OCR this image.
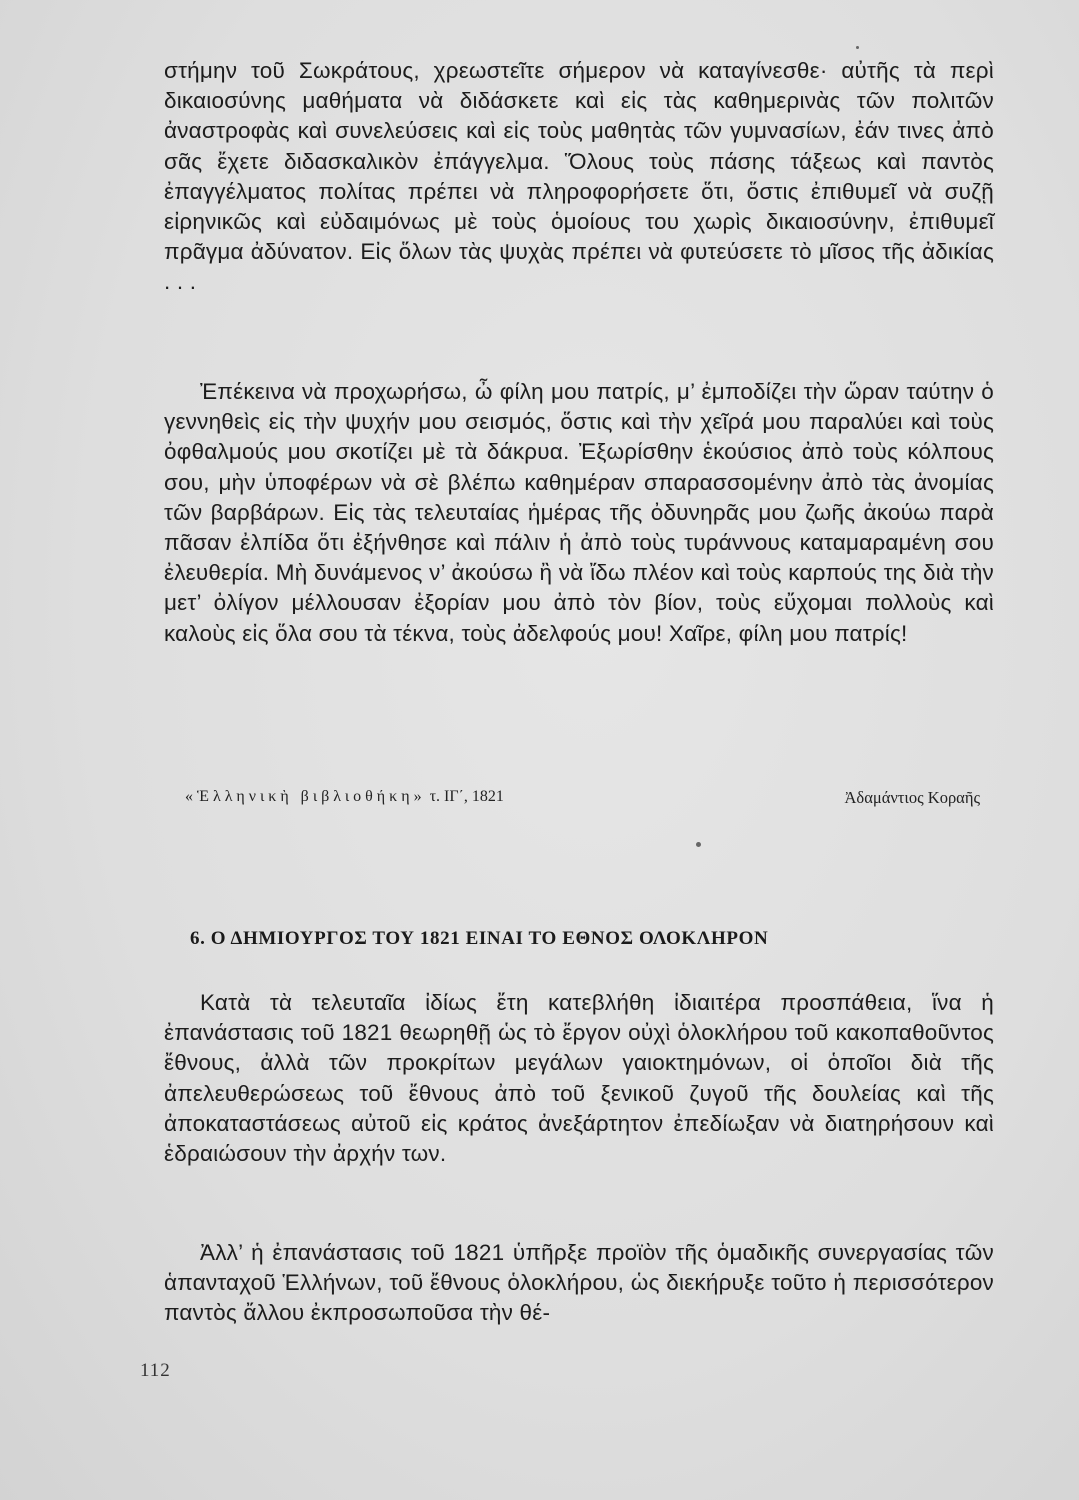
στήμην τοῦ Σωκράτους, χρεωστεῖτε σήμερον νὰ καταγίνεσθε· αὐτῆς τὰ περὶ δικαιοσύνης μαθήματα νὰ διδάσκετε καὶ εἰς τὰς καθημερινὰς τῶν πολιτῶν ἀναστροφὰς καὶ συνελεύσεις καὶ εἰς τοὺς μαθητὰς τῶν γυμνασίων, ἐάν τινες ἀπὸ σᾶς ἔχετε διδασκαλικὸν ἐπάγγελμα. Ὅλους τοὺς πάσης τάξεως καὶ παντὸς ἐπαγγέλματος πολίτας πρέπει νὰ πληροφορήσετε ὅτι, ὅστις ἐπιθυμεῖ νὰ συζῇ εἰρηνικῶς καὶ εὐδαιμόνως μὲ τοὺς ὁμοίους του χωρὶς δικαιοσύνην, ἐπιθυμεῖ πρᾶγμα ἀδύνατον. Εἰς ὅλων τὰς ψυχὰς πρέπει νὰ φυτεύσετε τὸ μῖσος τῆς ἀδικίας . . .

Ἐπέκεινα νὰ προχωρήσω, ὦ φίλη μου πατρίς, μ’ ἐμποδίζει τὴν ὥραν ταύτην ὁ γεννηθεὶς εἰς τὴν ψυχήν μου σεισμός, ὅστις καὶ τὴν χεῖρά μου παραλύει καὶ τοὺς ὀφθαλμούς μου σκοτίζει μὲ τὰ δάκρυα. Ἐξωρίσθην ἑκούσιος ἀπὸ τοὺς κόλπους σου, μὴν ὑποφέρων νὰ σὲ βλέπω καθημέραν σπαρασσομένην ἀπὸ τὰς ἀνομίας τῶν βαρβάρων. Εἰς τὰς τελευταίας ἡμέρας τῆς ὀδυνηρᾶς μου ζωῆς ἀκούω παρὰ πᾶσαν ἐλπίδα ὅτι ἐξήνθησε καὶ πάλιν ἡ ἀπὸ τοὺς τυράννους καταμαραμένη σου ἐλευθερία. Μὴ δυνάμενος ν’ ἀκούσω ἢ νὰ ἴδω πλέον καὶ τοὺς καρπούς της διὰ τὴν μετ’ ὀλίγον μέλλουσαν ἐξορίαν μου ἀπὸ τὸν βίον, τοὺς εὔχομαι πολλοὺς καὶ καλοὺς εἰς ὅλα σου τὰ τέκνα, τοὺς ἀδελφούς μου! Χαῖρε, φίλη μου πατρίς!

«Ἑλληνικὴ βιβλιοθήκη» τ. ΙΓ΄, 1821	Ἀδαμάντιος Κοραῆς
6. Ο ΔΗΜΙΟΥΡΓΟΣ ΤΟΥ 1821 ΕΙΝΑΙ ΤΟ ΕΘΝΟΣ ΟΛΟΚΛΗΡΟΝ

Κατὰ τὰ τελευταῖα ἰδίως ἔτη κατεβλήθη ἰδιαιτέρα προσπάθεια, ἵνα ἡ ἐπανάστασις τοῦ 1821 θεωρηθῇ ὡς τὸ ἔργον οὐχὶ ὁλοκλήρου τοῦ κακοπαθοῦντος ἔθνους, ἀλλὰ τῶν προκρίτων μεγάλων γαιοκτημόνων, οἱ ὁποῖοι διὰ τῆς ἀπελευθερώσεως τοῦ ἔθνους ἀπὸ τοῦ ξενικοῦ ζυγοῦ τῆς δουλείας καὶ τῆς ἀποκαταστάσεως αὐτοῦ εἰς κράτος ἀνεξάρτητον ἐπεδίωξαν νὰ διατηρήσουν καὶ ἑδραιώσουν τὴν ἀρχήν των.

Ἀλλ’ ἡ ἐπανάστασις τοῦ 1821 ὑπῆρξε προϊὸν τῆς ὁμαδικῆς συνεργασίας τῶν ἁπανταχοῦ Ἑλλήνων, τοῦ ἔθνους ὁλοκλήρου, ὡς διεκήρυξε τοῦτο ἡ περισσότερον παντὸς ἄλλου ἐκπροσωποῦσα τὴν θέ-

112
